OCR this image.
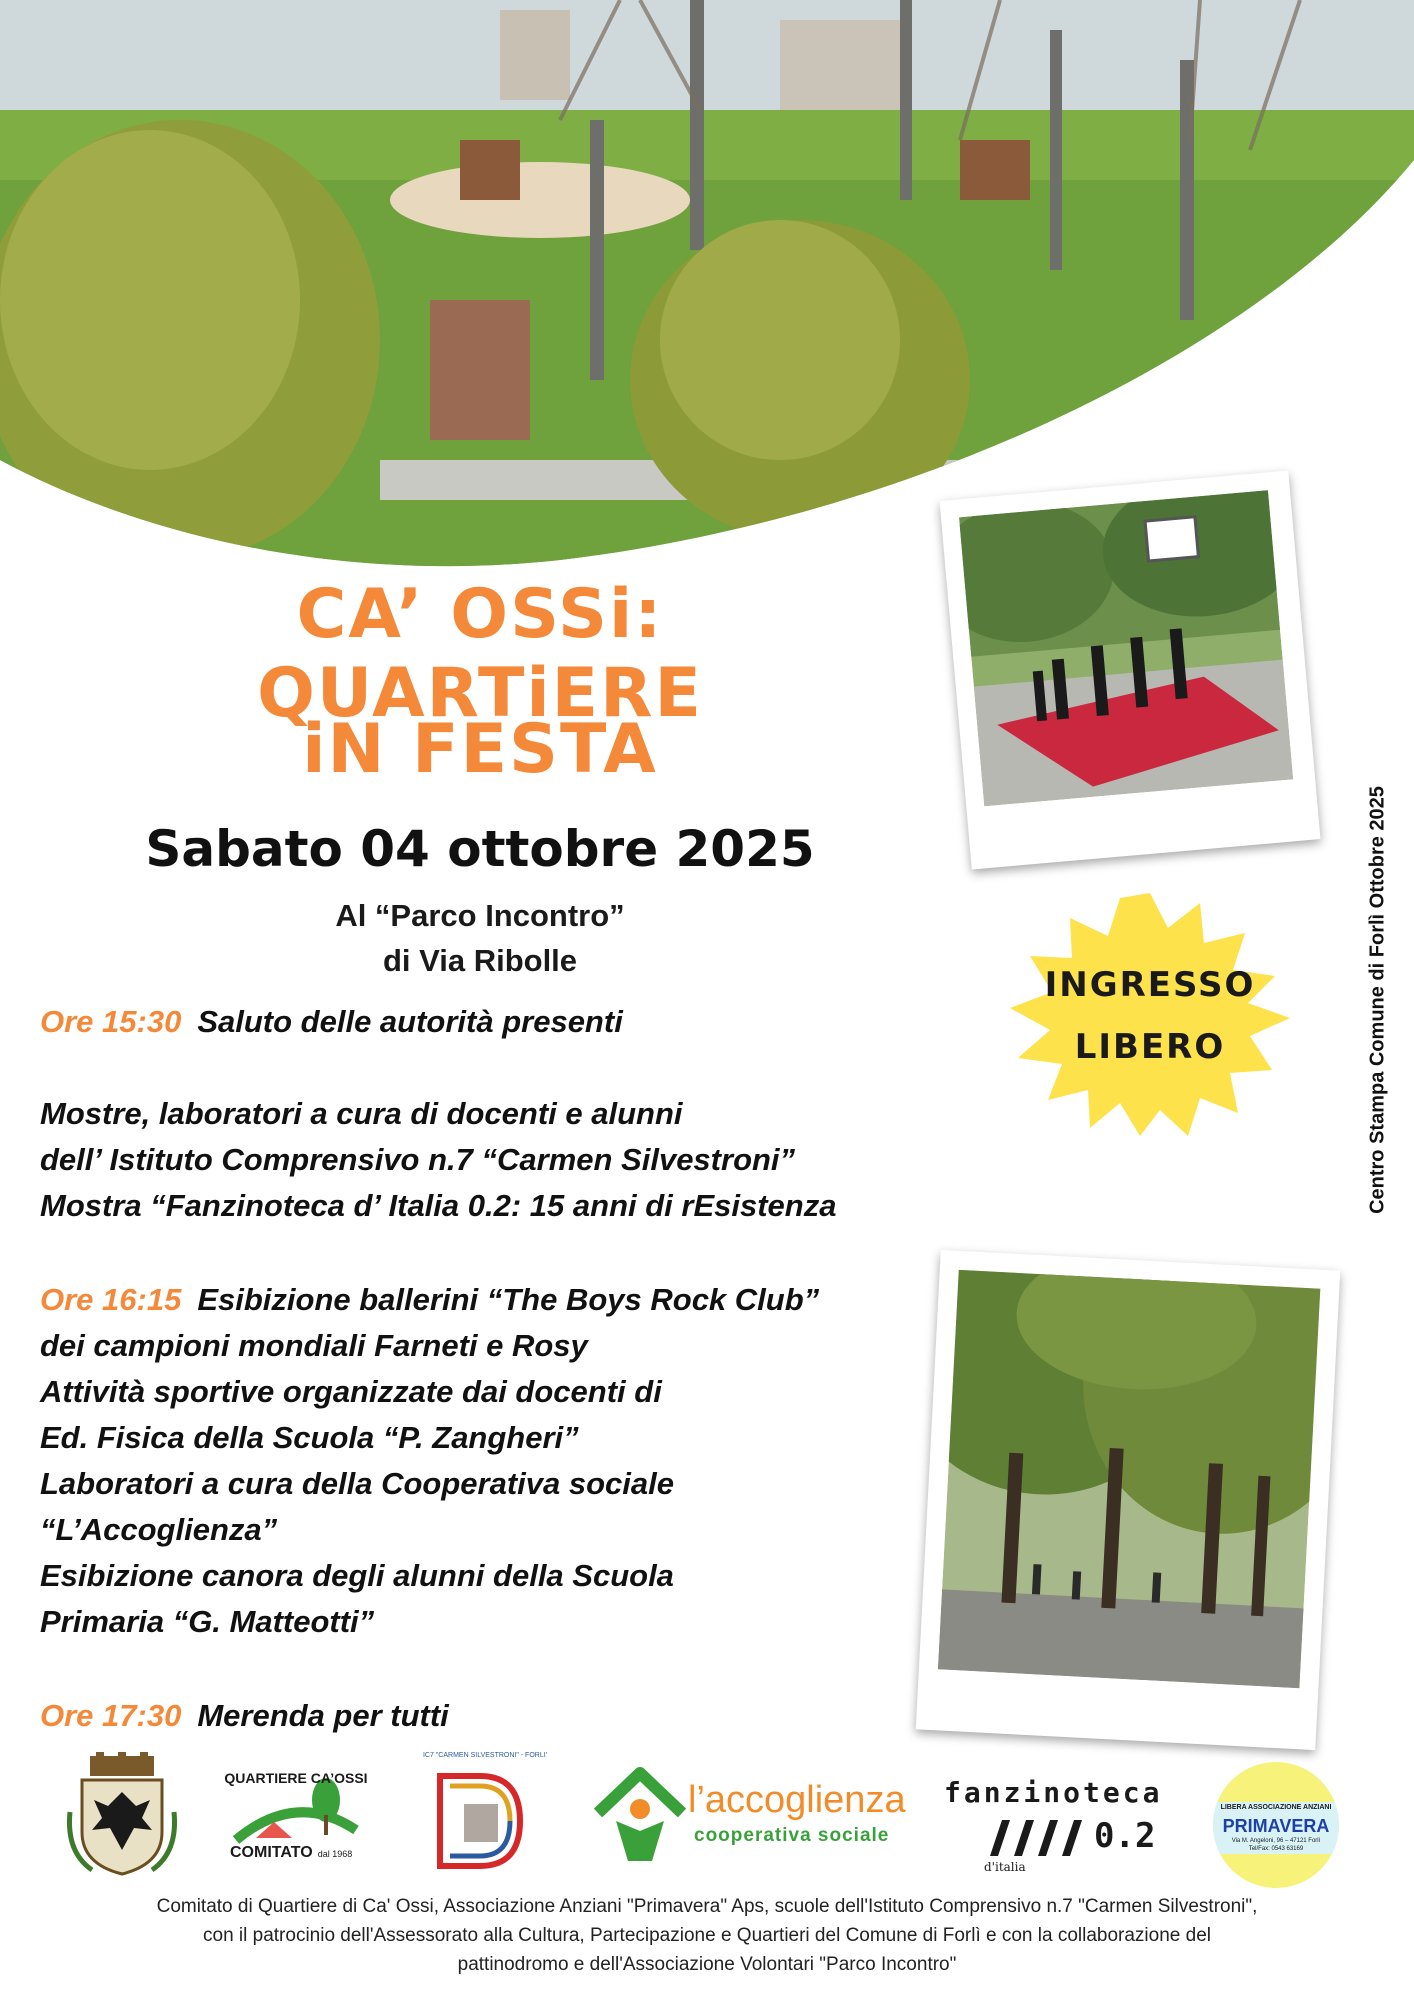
CA’ OSSi: QUARTiERE
iN FESTA
Sabato 04 ottobre 2025
Al “Parco Incontro”
di Via Ribolle
Ore 15:30 Saluto delle autorità presenti
Mostre, laboratori a cura di docenti e alunni
dell’ Istituto Comprensivo n.7 “Carmen Silvestroni”
Mostra “Fanzinoteca d’ Italia 0.2: 15 anni di rEsistenza
Ore 16:15 Esibizione ballerini “The Boys Rock Club”
dei campioni mondiali Farneti e Rosy
Attività sportive organizzate dai docenti di
Ed. Fisica della Scuola “P. Zangheri”
Laboratori a cura della Cooperativa sociale
“L’Accoglienza”
Esibizione canora degli alunni della Scuola
Primaria “G. Matteotti”
Ore 17:30 Merenda per tutti
INGRESSO
LIBERO	Centro Stampa Comune di Forlì Ottobre 2025
QUARTIERE CA’OSSI
COMITATO dal 1968
IC7 "CARMEN SILVESTRONI" - FORLI'
l’accoglienza
cooperativa sociale
fanzinoteca
0.2
d'italia
LIBERA ASSOCIAZIONE ANZIANI
PRIMAVERA
Via M. Angeloni, 96 – 47121 Forlì
Tel/Fax: 0543 63169
Comitato di Quartiere di Ca' Ossi, Associazione Anziani "Primavera" Aps, scuole dell'Istituto Comprensivo n.7 "Carmen Silvestroni",
con il patrocinio dell'Assessorato alla Cultura, Partecipazione e Quartieri del Comune di Forlì e con la collaborazione del
pattinodromo e dell'Associazione Volontari "Parco Incontro"
